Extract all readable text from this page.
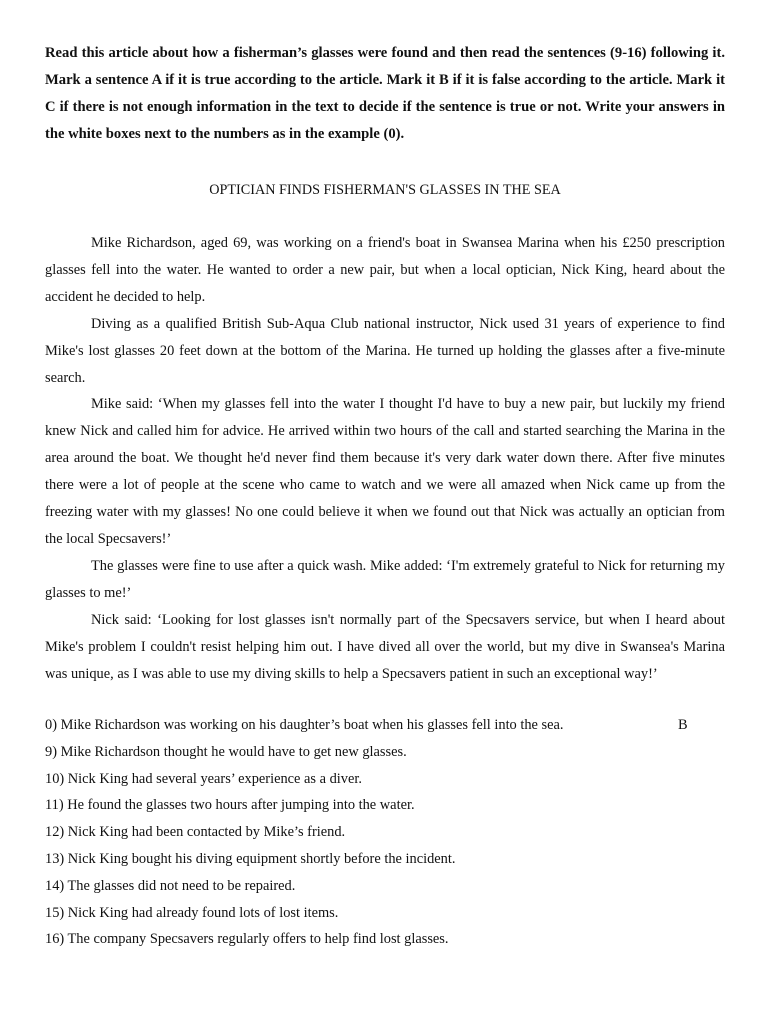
Read this article about how a fisherman’s glasses were found and then read the sentences (9-16) following it. Mark a sentence A if it is true according to the article. Mark it B if it is false according to the article. Mark it C if there is not enough information in the text to decide if the sentence is true or not. Write your answers in the white boxes next to the numbers as in the example (0).

OPTICIAN FINDS FISHERMAN'S GLASSES IN THE SEA

Mike Richardson, aged 69, was working on a friend's boat in Swansea Marina when his £250 prescription glasses fell into the water. He wanted to order a new pair, but when a local optician, Nick King, heard about the accident he decided to help.

Diving as a qualified British Sub-Aqua Club national instructor, Nick used 31 years of experience to find Mike's lost glasses 20 feet down at the bottom of the Marina. He turned up holding the glasses after a five-minute search.

Mike said: ‘When my glasses fell into the water I thought I'd have to buy a new pair, but luckily my friend knew Nick and called him for advice. He arrived within two hours of the call and started searching the Marina in the area around the boat. We thought he'd never find them because it's very dark water down there. After five minutes there were a lot of people at the scene who came to watch and we were all amazed when Nick came up from the freezing water with my glasses! No one could believe it when we found out that Nick was actually an optician from the local Specsavers!’

The glasses were fine to use after a quick wash. Mike added: ‘I'm extremely grateful to Nick for returning my glasses to me!’

Nick said: ‘Looking for lost glasses isn't normally part of the Specsavers service, but when I heard about Mike's problem I couldn't resist helping him out. I have dived all over the world, but my dive in Swansea's Marina was unique, as I was able to use my diving skills to help a Specsavers patient in such an exceptional way!’

0) Mike Richardson was working on his daughter’s boat when his glasses fell into the sea.	B
9) Mike Richardson thought he would have to get new glasses.
10) Nick King had several years’ experience as a diver.
11) He found the glasses two hours after jumping into the water.
12) Nick King had been contacted by Mike’s friend.
13) Nick King bought his diving equipment shortly before the incident.
14) The glasses did not need to be repaired.
15) Nick King had already found lots of lost items.
16) The company Specsavers regularly offers to help find lost glasses.
